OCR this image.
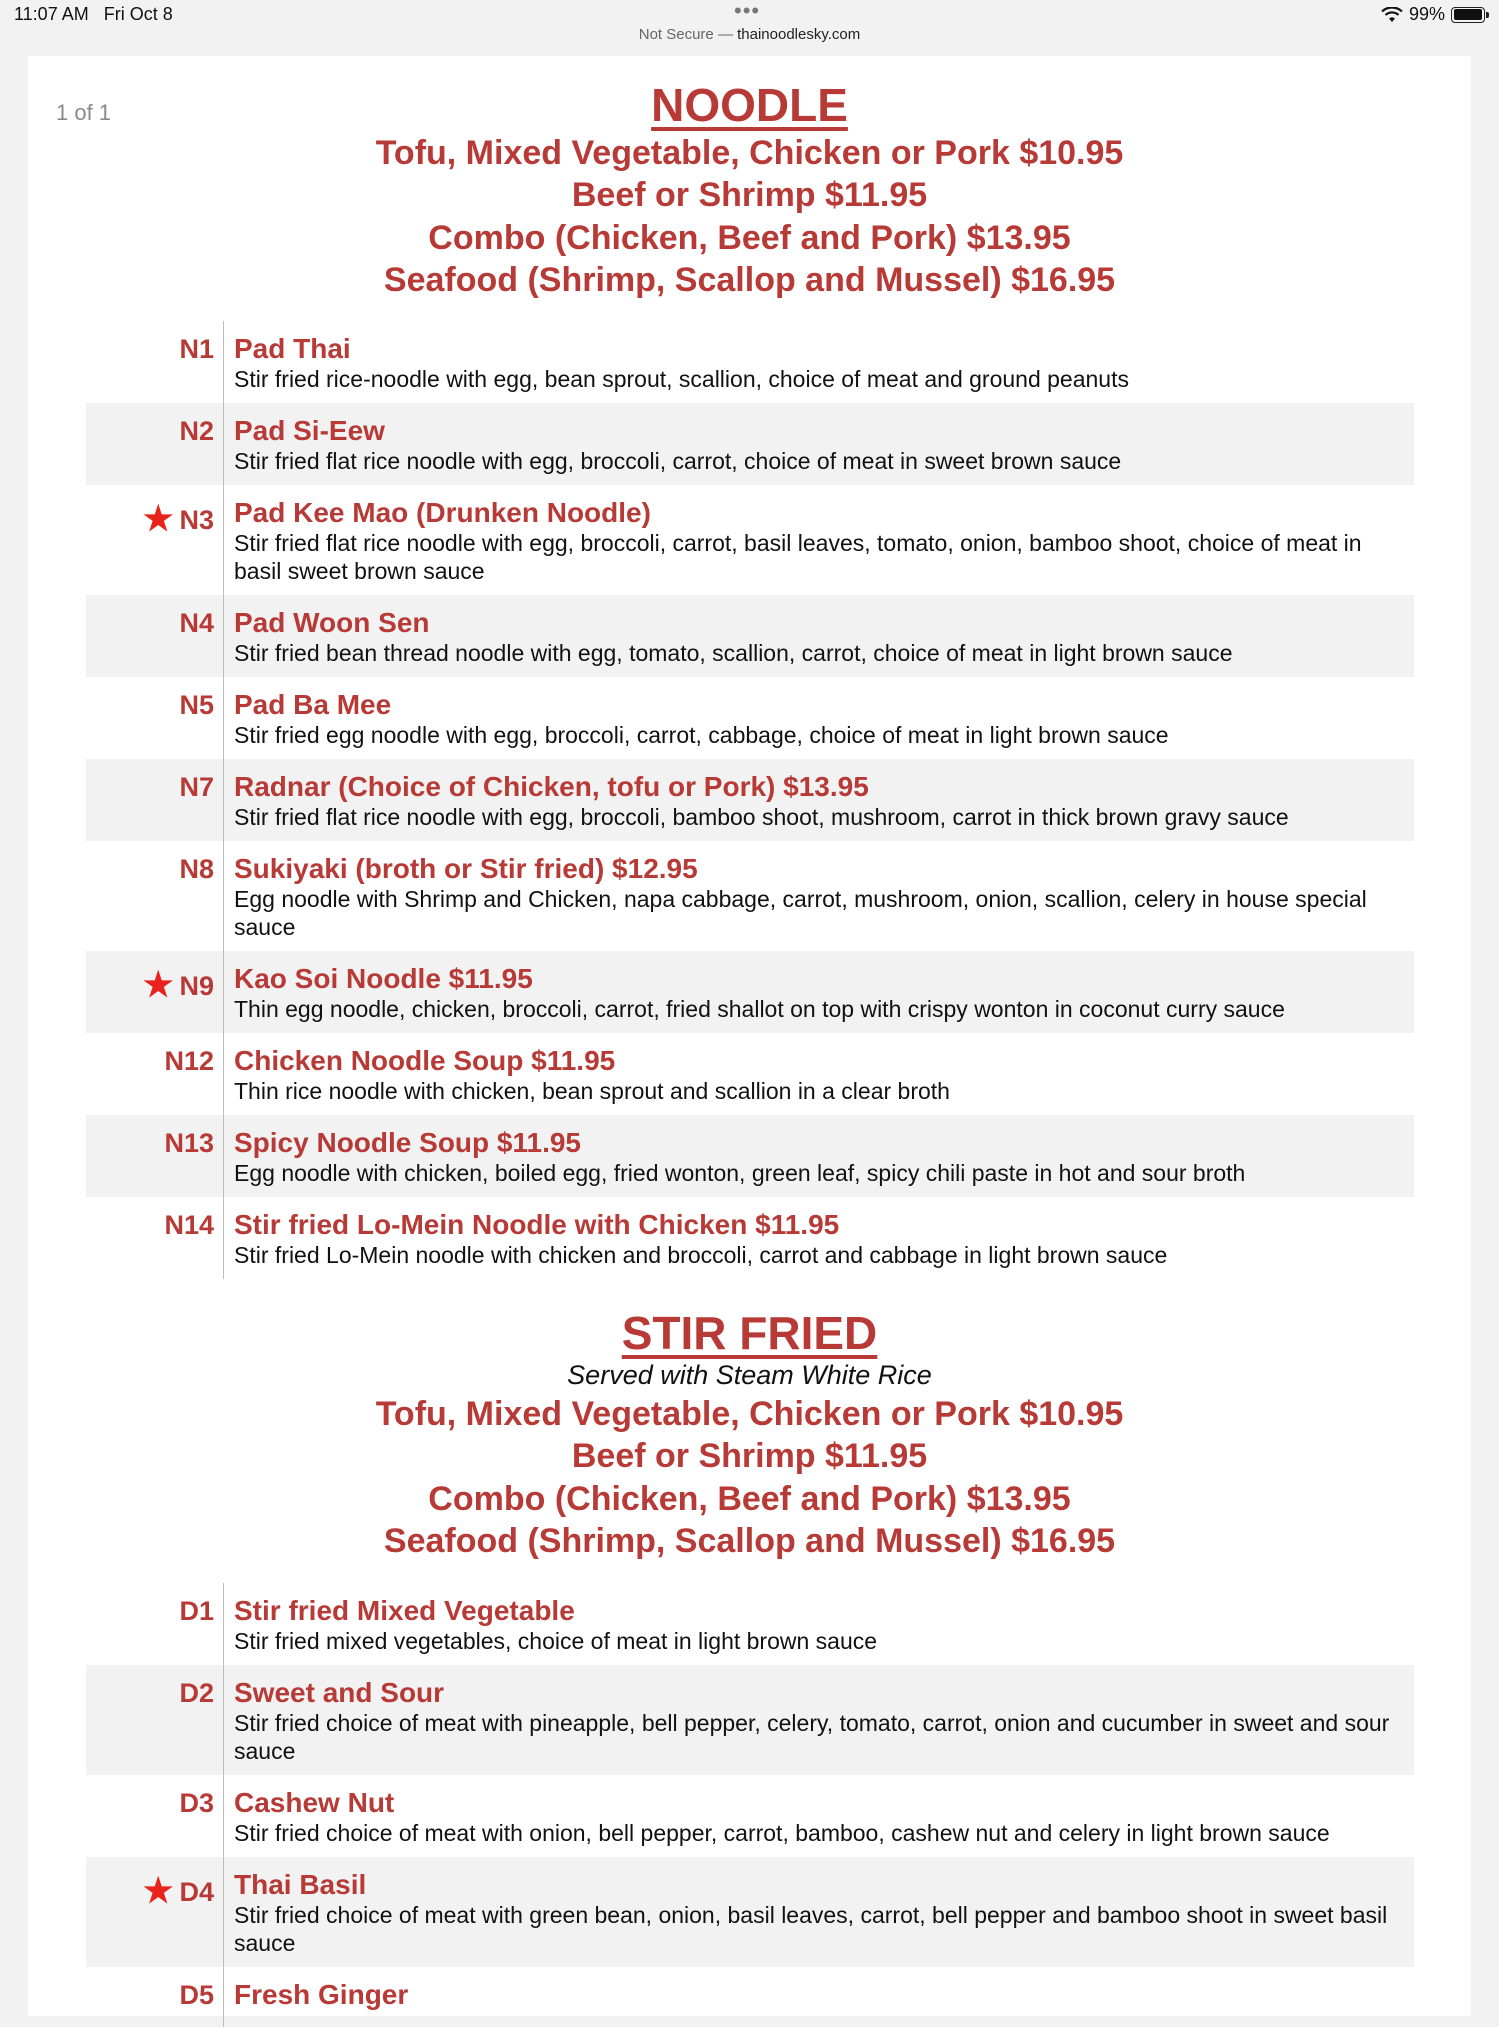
11:07 AM Fri Oct 8	•••
Not Secure — thainoodlesky.com
99%
1 of 1	NOODLE
Tofu, Mixed Vegetable, Chicken or Pork $10.95
Beef or Shrimp $11.95
Combo (Chicken, Beef and Pork) $13.95
Seafood (Shrimp, Scallop and Mussel) $16.95
N1 Pad Thai
Stir fried rice-noodle with egg, bean sprout, scallion, choice of meat and ground peanuts
N2 Pad Si-Eew
Stir fried flat rice noodle with egg, broccoli, carrot, choice of meat in sweet brown sauce
★ N3 Pad Kee Mao (Drunken Noodle)
Stir fried flat rice noodle with egg, broccoli, carrot, basil leaves, tomato, onion, bamboo shoot, choice of meat in basil sweet brown sauce
N4 Pad Woon Sen
Stir fried bean thread noodle with egg, tomato, scallion, carrot, choice of meat in light brown sauce
N5 Pad Ba Mee
Stir fried egg noodle with egg, broccoli, carrot, cabbage, choice of meat in light brown sauce
N7 Radnar (Choice of Chicken, tofu or Pork) $13.95
Stir fried flat rice noodle with egg, broccoli, bamboo shoot, mushroom, carrot in thick brown gravy sauce
N8 Sukiyaki (broth or Stir fried) $12.95
Egg noodle with Shrimp and Chicken, napa cabbage, carrot, mushroom, onion, scallion, celery in house special sauce
★ N9 Kao Soi Noodle $11.95
Thin egg noodle, chicken, broccoli, carrot, fried shallot on top with crispy wonton in coconut curry sauce
N12 Chicken Noodle Soup $11.95
Thin rice noodle with chicken, bean sprout and scallion in a clear broth
N13 Spicy Noodle Soup $11.95
Egg noodle with chicken, boiled egg, fried wonton, green leaf, spicy chili paste in hot and sour broth
N14 Stir fried Lo-Mein Noodle with Chicken $11.95
Stir fried Lo-Mein noodle with chicken and broccoli, carrot and cabbage in light brown sauce
STIR FRIED
Served with Steam White Rice
Tofu, Mixed Vegetable, Chicken or Pork $10.95
Beef or Shrimp $11.95
Combo (Chicken, Beef and Pork) $13.95
Seafood (Shrimp, Scallop and Mussel) $16.95
D1 Stir fried Mixed Vegetable
Stir fried mixed vegetables, choice of meat in light brown sauce
D2 Sweet and Sour
Stir fried choice of meat with pineapple, bell pepper, celery, tomato, carrot, onion and cucumber in sweet and sour sauce
D3 Cashew Nut
Stir fried choice of meat with onion, bell pepper, carrot, bamboo, cashew nut and celery in light brown sauce
★ D4 Thai Basil
Stir fried choice of meat with green bean, onion, basil leaves, carrot, bell pepper and bamboo shoot in sweet basil sauce
D5 Fresh Ginger
